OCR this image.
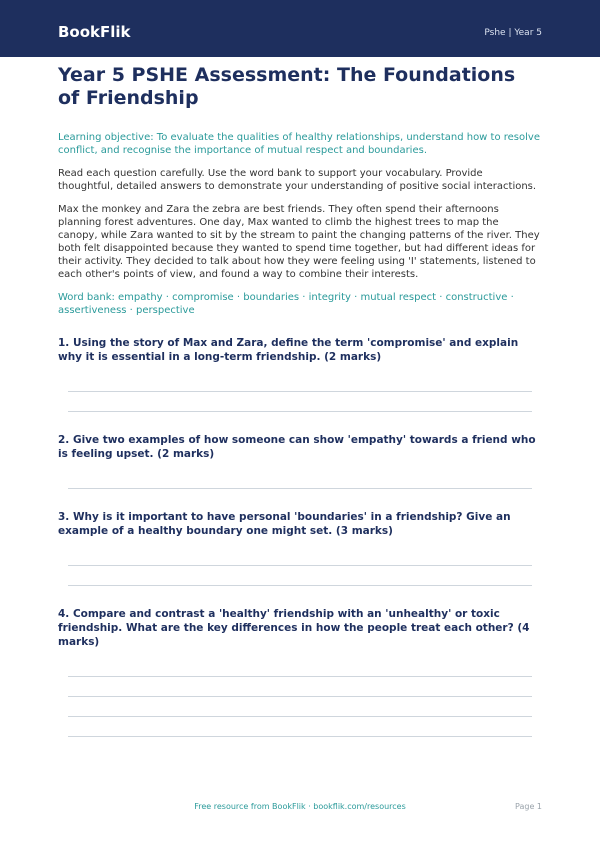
BookFlik	Pshe | Year 5
Year 5 PSHE Assessment: The Foundations of Friendship
Learning objective: To evaluate the qualities of healthy relationships, understand how to resolve conflict, and recognise the importance of mutual respect and boundaries.
Read each question carefully. Use the word bank to support your vocabulary. Provide thoughtful, detailed answers to demonstrate your understanding of positive social interactions.
Max the monkey and Zara the zebra are best friends. They often spend their afternoons planning forest adventures. One day, Max wanted to climb the highest trees to map the canopy, while Zara wanted to sit by the stream to paint the changing patterns of the river. They both felt disappointed because they wanted to spend time together, but had different ideas for their activity. They decided to talk about how they were feeling using 'I' statements, listened to each other's points of view, and found a way to combine their interests.
Word bank: empathy · compromise · boundaries · integrity · mutual respect · constructive · assertiveness · perspective
1. Using the story of Max and Zara, define the term 'compromise' and explain why it is essential in a long-term friendship. (2 marks)
2. Give two examples of how someone can show 'empathy' towards a friend who is feeling upset. (2 marks)
3. Why is it important to have personal 'boundaries' in a friendship? Give an example of a healthy boundary one might set. (3 marks)
4. Compare and contrast a 'healthy' friendship with an 'unhealthy' or toxic friendship. What are the key differences in how the people treat each other? (4 marks)
Free resource from BookFlik · bookflik.com/resources	Page 1
